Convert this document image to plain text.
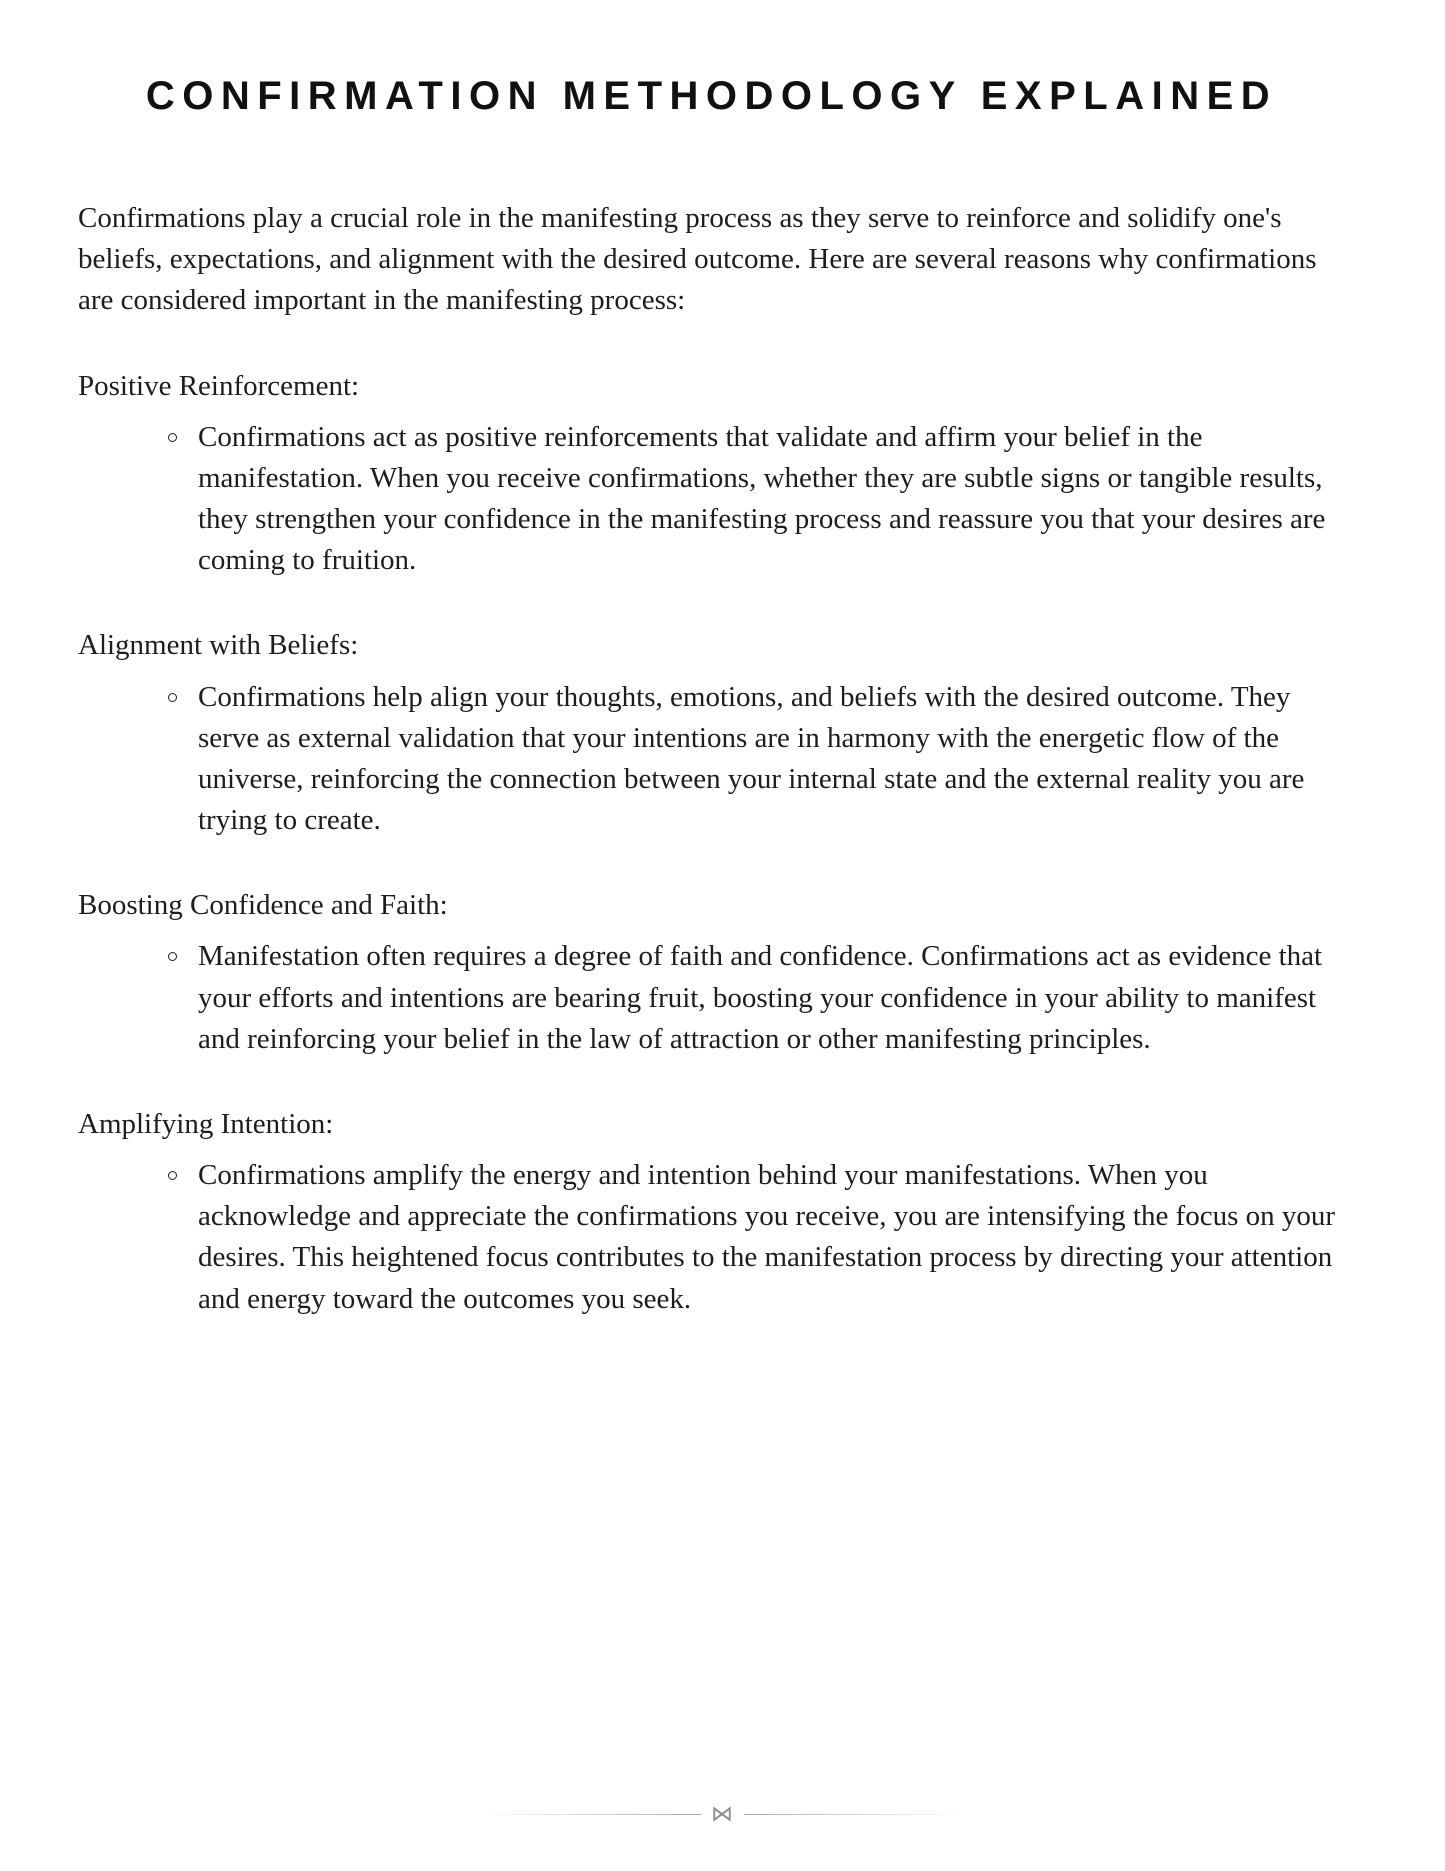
CONFIRMATION METHODOLOGY EXPLAINED

Confirmations play a crucial role in the manifesting process as they serve to reinforce and solidify one's beliefs, expectations, and alignment with the desired outcome. Here are several reasons why confirmations are considered important in the manifesting process:

Positive Reinforcement:

Confirmations act as positive reinforcements that validate and affirm your belief in the manifestation. When you receive confirmations, whether they are subtle signs or tangible results, they strengthen your confidence in the manifesting process and reassure you that your desires are coming to fruition.

Alignment with Beliefs:

Confirmations help align your thoughts, emotions, and beliefs with the desired outcome. They serve as external validation that your intentions are in harmony with the energetic flow of the universe, reinforcing the connection between your internal state and the external reality you are trying to create.

Boosting Confidence and Faith:

Manifestation often requires a degree of faith and confidence. Confirmations act as evidence that your efforts and intentions are bearing fruit, boosting your confidence in your ability to manifest and reinforcing your belief in the law of attraction or other manifesting principles.

Amplifying Intention:

Confirmations amplify the energy and intention behind your manifestations. When you acknowledge and appreciate the confirmations you receive, you are intensifying the focus on your desires. This heightened focus contributes to the manifestation process by directing your attention and energy toward the outcomes you seek.
⋈
